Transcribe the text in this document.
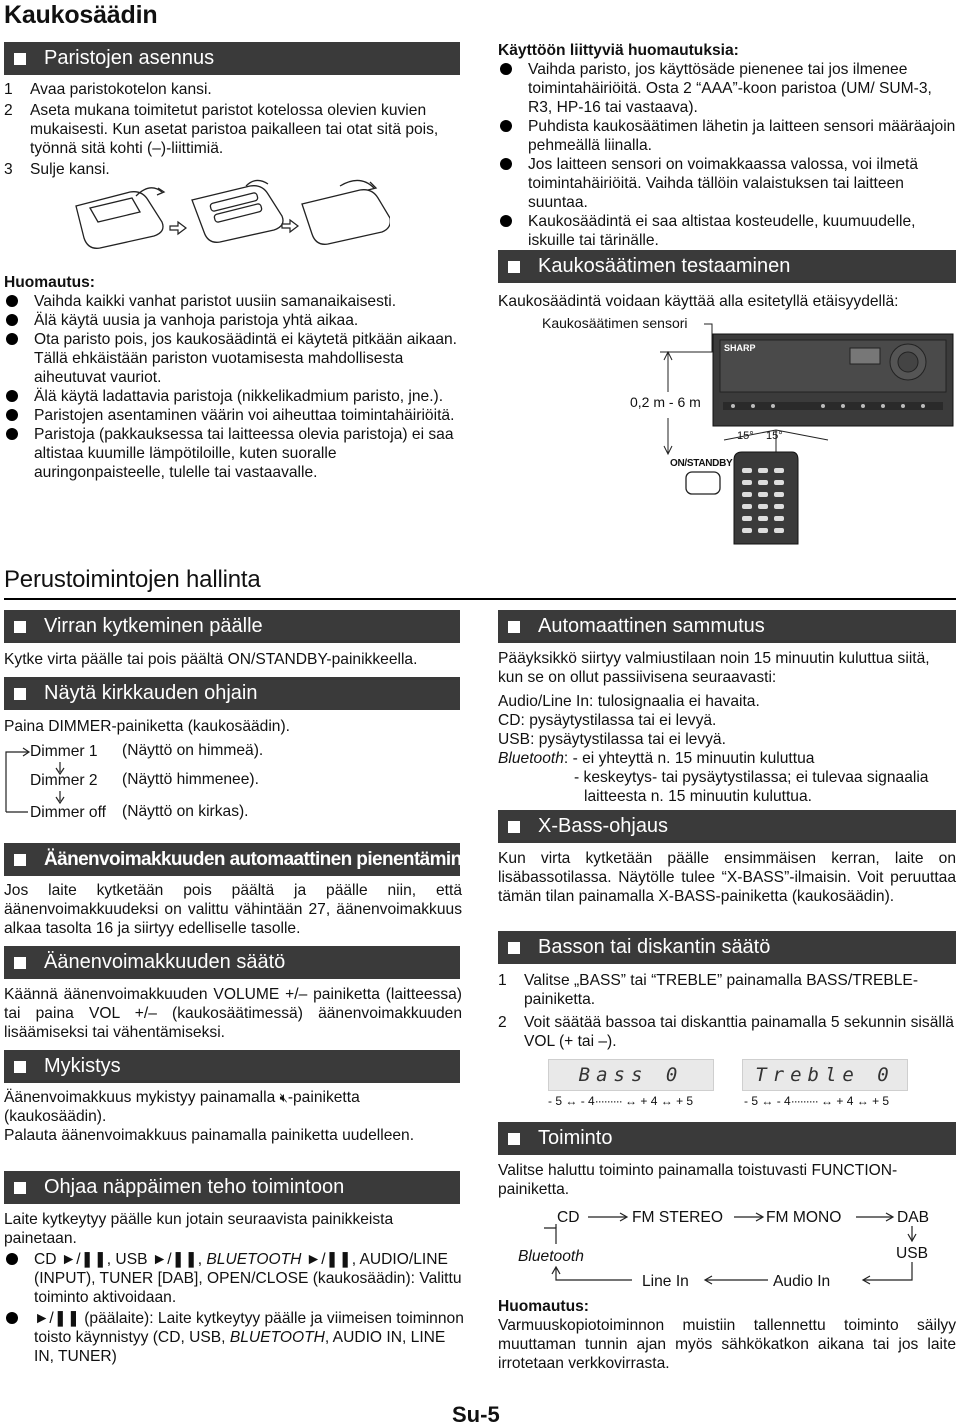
Kaukosäädin
Paristojen asennus
1 Avaa paristokotelon kansi.
2 Aseta mukana toimitetut paristot kotelossa olevien kuvien mukaisesti. Kun asetat paristoa paikalleen tai otat sitä pois, työnnä sitä kohti (–)-liittimiä.
3 Sulje kansi.
Huomautus:
Vaihda kaikki vanhat paristot uusiin samanaikaisesti.
Älä käytä uusia ja vanhoja paristoja yhtä aikaa.
Ota paristo pois, jos kaukosäädintä ei käytetä pitkään aikaan. Tällä ehkäistään pariston vuotamisesta mahdollisesta aiheutuvat vauriot.
Älä käytä ladattavia paristoja (nikkelikadmium paristo, jne.).
Paristojen asentaminen väärin voi aiheuttaa toimintahäiriöitä.
Paristoja (pakkauksessa tai laitteessa olevia paristoja) ei saa altistaa kuumille lämpötiloille, kuten suoralle auringonpaisteelle, tulelle tai vastaavalle.
Käyttöön liittyviä huomautuksia:
Vaihda paristo, jos käyttösäde pienenee tai jos ilmenee toimintahäiriöitä. Osta 2 “AAA”-koon paristoa (UM/ SUM-3, R3, HP-16 tai vastaava).
Puhdista kaukosäätimen lähetin ja laitteen sensori määräajoin pehmeällä liinalla.
Jos laitteen sensori on voimakkaassa valossa, voi ilmetä toimintahäiriöitä. Vaihda tällöin valaistuksen tai laitteen suuntaa.
Kaukosäädintä ei saa altistaa kosteudelle, kuumuudelle, iskuille tai tärinälle.
Kaukosäätimen testaaminen
Kaukosäädintä voidaan käyttää alla esitetyllä etäisyydellä:
Kaukosäätimen sensori
SHARP
0,2 m - 6 m
15° 15°
ON/STANDBY
Perustoimintojen hallinta
Virran kytkeminen päälle
Kytke virta päälle tai pois päältä ON/STANDBY-painikkeella.
Näytä kirkkauden ohjain
Paina DIMMER-painiketta (kaukosäädin).
Dimmer 1 (Näyttö on himmeä).
Dimmer 2 (Näyttö himmenee).
Dimmer off (Näyttö on kirkas).
Äänenvoimakkuuden automaattinen pienentäminen
Jos laite kytketään pois päältä ja päälle niin, että äänenvoimakkuudeksi on valittu vähintään 27, äänenvoimakkuus alkaa tasolta 16 ja siirtyy edelliselle tasolle.
Äänenvoimakkuuden säätö
Käännä äänenvoimakkuuden VOLUME +/– painiketta (laitteessa) tai paina VOL +/– (kaukosäätimessä) äänenvoimakkuuden lisäämiseksi tai vähentämiseksi.
Mykistys
Äänenvoimakkuus mykistyy painamalla 🔇︎-painiketta (kaukosäädin).
Palauta äänenvoimakkuus painamalla painiketta uudelleen.
Ohjaa näppäimen teho toimintoon
Laite kytkeytyy päälle kun jotain seuraavista painikkeista painetaan.
CD ►/❚❚, USB ►/❚❚, BLUETOOTH ►/❚❚, AUDIO/LINE (INPUT), TUNER [DAB], OPEN/CLOSE (kaukosäädin): Valittu toiminto aktivoidaan.
►/❚❚ (päälaite): Laite kytkeytyy päälle ja viimeisen toiminnon toisto käynnistyy (CD, USB, BLUETOOTH, AUDIO IN, LINE IN, TUNER)
Automaattinen sammutus
Pääyksikkö siirtyy valmiustilaan noin 15 minuutin kuluttua siitä, kun se on ollut passiivisena seuraavasti:
Audio/Line In: tulosignaalia ei havaita.
CD: pysäytystilassa tai ei levyä.
USB: pysäytystilassa tai ei levyä.
Bluetooth: - ei yhteyttä n. 15 minuutin kuluttua
- keskeytys- tai pysäytystilassa; ei tulevaa signaalia laitteesta n. 15 minuutin kuluttua.
X-Bass-ohjaus
Kun virta kytketään päälle ensimmäisen kerran, laite on lisäbassotilassa. Näytölle tulee “X-BASS”-ilmaisin. Voit peruuttaa tämän tilan painamalla X-BASS-painiketta (kaukosäädin).
Basson tai diskantin säätö
1 Valitse „BASS” tai “TREBLE” painamalla BASS/TREBLE-painiketta.
2 Voit säätää bassoa tai diskanttia painamalla 5 sekunnin sisällä VOL (+ tai –).
Bass 0	Treble 0
- 5 ↔ - 4········· ↔ + 4 ↔ + 5	- 5 ↔ - 4········· ↔ + 4 ↔ + 5
Toiminto
Valitse haluttu toiminto painamalla toistuvasti FUNCTION-painiketta.
CD	FM STEREO	FM MONO	DAB
USB
Audio In
Line In
Bluetooth
Huomautus:
Varmuuskopiotoiminnon muistiin tallennettu toiminto säilyy muuttaman tunnin ajan myös sähkökatkon aikana tai jos laite irrotetaan verkkovirrasta.
Su-5
